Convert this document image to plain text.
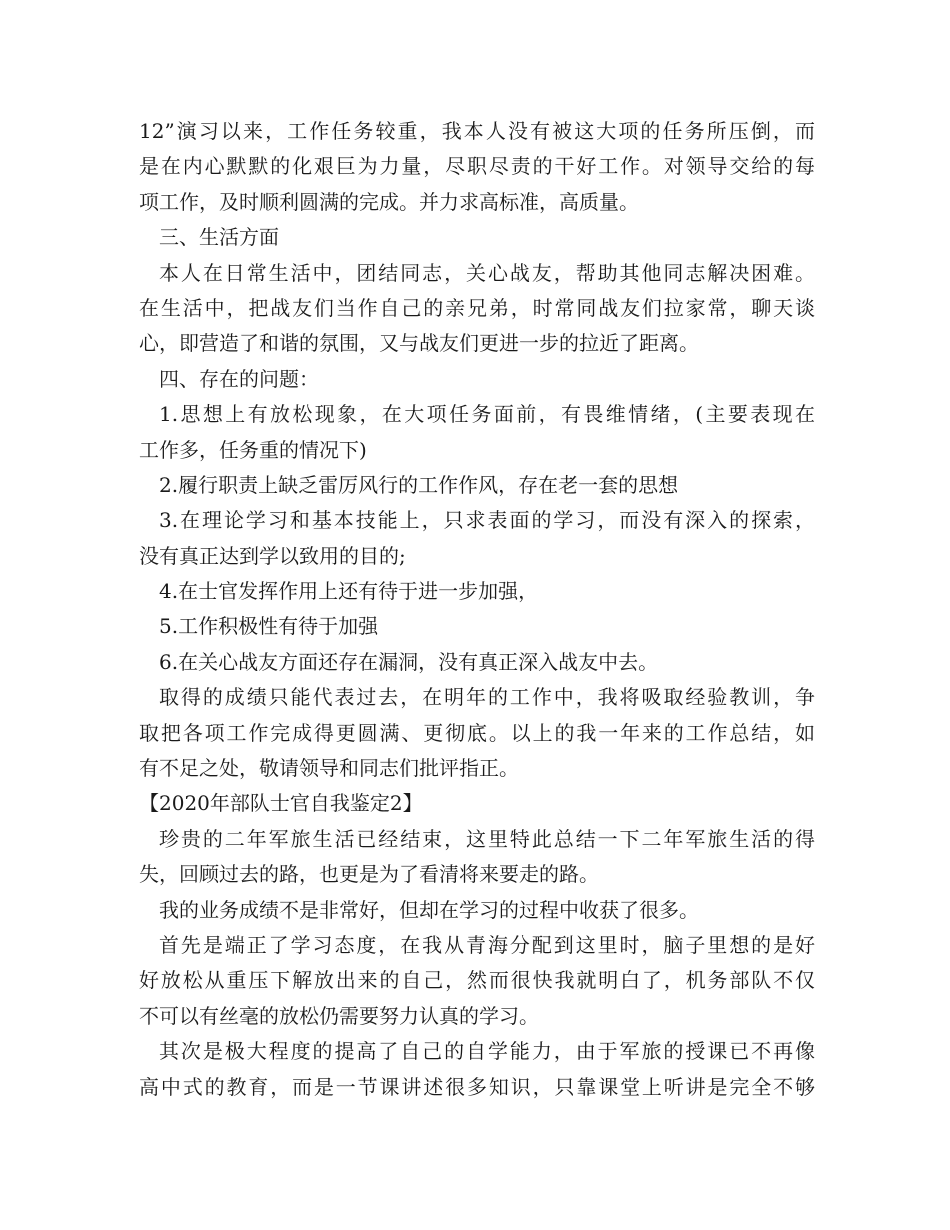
12”演习以来，工作任务较重，我本人没有被这大项的任务所压倒，而
是在内心默默的化艰巨为力量，尽职尽责的干好工作。对领导交给的每
项工作，及时顺利圆满的完成。并力求高标准，高质量。
三、生活方面
本人在日常生活中，团结同志，关心战友，帮助其他同志解决困难。
在生活中，把战友们当作自己的亲兄弟，时常同战友们拉家常，聊天谈
心，即营造了和谐的氛围，又与战友们更进一步的拉近了距离。
四、存在的问题：
1.思想上有放松现象，在大项任务面前，有畏维情绪，(主要表现在
工作多，任务重的情况下)
2.履行职责上缺乏雷厉风行的工作作风，存在老一套的思想
3.在理论学习和基本技能上，只求表面的学习，而没有深入的探索，
没有真正达到学以致用的目的;
4.在士官发挥作用上还有待于进一步加强，
5.工作积极性有待于加强
6.在关心战友方面还存在漏洞，没有真正深入战友中去。
取得的成绩只能代表过去，在明年的工作中，我将吸取经验教训，争
取把各项工作完成得更圆满、更彻底。以上的我一年来的工作总结，如
有不足之处，敬请领导和同志们批评指正。
【2020年部队士官自我鉴定2】
珍贵的二年军旅生活已经结束，这里特此总结一下二年军旅生活的得
失，回顾过去的路，也更是为了看清将来要走的路。
我的业务成绩不是非常好，但却在学习的过程中收获了很多。
首先是端正了学习态度，在我从青海分配到这里时，脑子里想的是好
好放松从重压下解放出来的自己，然而很快我就明白了，机务部队不仅
不可以有丝毫的放松仍需要努力认真的学习。
其次是极大程度的提高了自己的自学能力，由于军旅的授课已不再像
高中式的教育，而是一节课讲述很多知识，只靠课堂上听讲是完全不够
